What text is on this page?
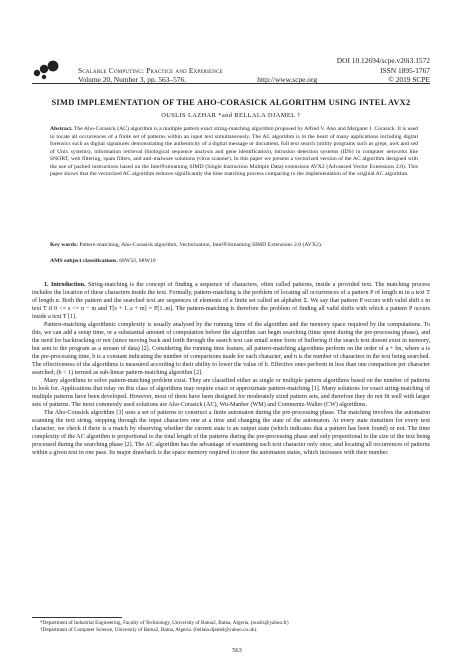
DOI 10.12694/scpe.v20i3.1572
Scalable Computing: Practice and Experience	ISSN 1895-1767
Volume 20, Number 3, pp. 563–576.	http://www.scpe.org	© 2019 SCPE
SIMD IMPLEMENTATION OF THE AHO-CORASICK ALGORITHM USING INTEL AVX2
OUSLIS LAZHAR *and BELLALA DJAMEL †
Abstract. The Aho-Corasick (AC) algorithm is a multiple pattern exact string-matching algorithm proposed by Alfred V. Aho and Margaret J. Corasick. It is used to locate all occurrences of a finite set of patterns within an input text simultaneously. The AC algorithm is in the heart of many applications including digital forensics such as digital signatures demonstrating the authenticity of a digital message or document, full text search (utility programs such as grept, awk and sed of Unix systems), information retrieval (biological sequence analysis and gene identification), intrusion detection systems (IDS) in computer networks like SNORT, web filtering, spam filters, and anti-malware solutions (virus scanner). In this paper we present a vectorized version of the AC algorithm designed with the use of packed instructions based on the Intel®streaming SIMD (Single Instruction Multiple Data) extensions AVX2 (Advanced Vector Extensions 2.0). This paper shows that the vectorized AC algorithm reduces significantly the time matching process comparing to the implementation of the original AC algorithm.
Key words: Pattern-matching, Aho-Corasick algorithm, Vectorization, Intel®Streaming SIMD Extensions 2.0 (AVX2).
AMS subject classifications. 68W32, 68W10

1. Introduction. String-matching is the concept of finding a sequence of characters, often called patterns, inside a provided text. The matching process includes the location of these characters inside the text. Formally, pattern-matching is the problem of locating all occurrences of a pattern P of length m in a text T of length n. Both the pattern and the searched text are sequences of elements of a finite set called an alphabet Σ. We say that pattern P occurs with valid shift s in text T if 0 <= s <= n − m and T[s + 1..s + m] = P[1..m]. The pattern-matching is therefore the problem of finding all valid shifts with which a pattern P occurs inside a text T [1].

Pattern-matching algorithmic complexity is usually analysed by the running time of the algorithm and the memory space required by the computations. To this, we can add a setup time, or a substantial amount of computation before the algorithm can begin searching (time spent during the pre-processing phase), and the need for backtracking or not (since moving back and forth through the search text can entail some form of buffering if the search text doesnt exist in memory, but sent to the program as a stream of data) [2]. Considering the running time feature, all pattern-matching algorithms perform on the order of a + bn, where a is the pre-processing time, b is a constant indicating the number of comparisons made for each character, and n is the number of characters in the text being searched. The effectiveness of the algorithms is measured according to their ability to lower the value of b. Effective ones perform in less than one comparison per character searched; (b < 1) termed as sub-linear pattern-matching algorithm [2].

Many algorithms to solve pattern-matching problem exist. They are classified either as single or multiple pattern algorithms based on the number of patterns to look for. Applications that relay on this class of algorithms may require exact or approximate pattern-matching [1]. Many solutions for exact string-matching of multiple patterns have been developed. However, most of them have been designed for moderately sized pattern sets, and therefore they do not fit well with larger sets of patterns. The most commonly used solutions are Aho-Corasick (AC), Wu-Manber (WM) and Commentz-Walter (CW) algorithms.

The Aho-Corasick algorithm [3] uses a set of patterns to construct a finite automaton during the pre-processing phase. The matching involves the automaton scanning the text string, stepping through the input characters one at a time and changing the state of the automaton. At every state transition for every text character, we check if there is a match by observing whether the current state is an output state (which indicates that a pattern has been found) or not. The time complexity of the AC algorithm is proportional to the total length of the patterns during the pre-processing phase and only proportional to the size of the text being processed during the searching phase [2]. The AC algorithm has the advantage of examining each text character only once, and locating all occurrences of patterns within a given text in one pass. Its major drawback is the space memory required to store the automaton states, which increases with their number.

*Department of Industrial Engineering, Faculty of Technology, University of Batna2, Batna, Algeria. (ouslis@yahoo.fr)

†Department of Computer Science, University of Batna2, Batna, Algeria. (bellala.djamel@yahoo.co.uk).

563
